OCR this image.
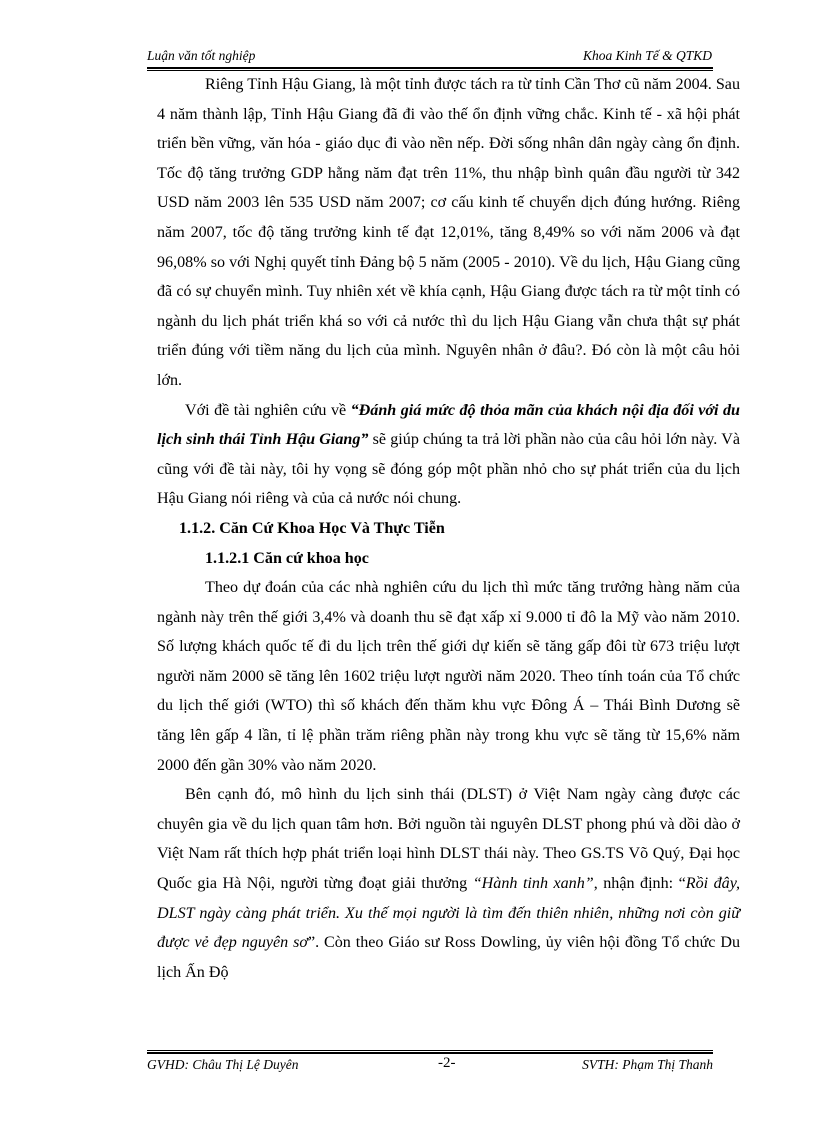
Luận văn tốt nghiệp	Khoa Kinh Tế & QTKD

Riêng Tỉnh Hậu Giang, là một tỉnh được tách ra từ tỉnh Cần Thơ cũ năm 2004. Sau 4 năm thành lập, Tỉnh Hậu Giang đã đi vào thế ổn định vững chắc. Kinh tế - xã hội phát triển bền vững, văn hóa - giáo dục đi vào nền nếp. Đời sống nhân dân ngày càng ổn định. Tốc độ tăng trưởng GDP hằng năm đạt trên 11%, thu nhập bình quân đầu người từ 342 USD năm 2003 lên 535 USD năm 2007; cơ cấu kinh tế chuyển dịch đúng hướng. Riêng năm 2007, tốc độ tăng trưởng kinh tế đạt 12,01%, tăng 8,49% so với năm 2006 và đạt 96,08% so với Nghị quyết tỉnh Đảng bộ 5 năm (2005 - 2010). Về du lịch, Hậu Giang cũng đã có sự chuyển mình. Tuy nhiên xét về khía cạnh, Hậu Giang được tách ra từ một tỉnh có ngành du lịch phát triển khá so với cả nước thì du lịch Hậu Giang vẫn chưa thật sự phát triển đúng với tiềm năng du lịch của mình. Nguyên nhân ở đâu?. Đó còn là một câu hỏi lớn.

Với đề tài nghiên cứu về “Đánh giá mức độ thỏa mãn của khách nội địa đối với du lịch sinh thái Tỉnh Hậu Giang” sẽ giúp chúng ta trả lời phần nào của câu hỏi lớn này. Và cũng với đề tài này, tôi hy vọng sẽ đóng góp một phần nhỏ cho sự phát triển của du lịch Hậu Giang nói riêng và của cả nước nói chung.

1.1.2. Căn Cứ Khoa Học Và Thực Tiễn

1.1.2.1 Căn cứ khoa học

Theo dự đoán của các nhà nghiên cứu du lịch thì mức tăng trưởng hàng năm của ngành này trên thế giới 3,4% và doanh thu sẽ đạt xấp xỉ 9.000 tỉ đô la Mỹ vào năm 2010. Số lượng khách quốc tế đi du lịch trên thế giới dự kiến sẽ tăng gấp đôi từ 673 triệu lượt người năm 2000 sẽ tăng lên 1602 triệu lượt người năm 2020. Theo tính toán của Tổ chức du lịch thế giới (WTO) thì số khách đến thăm khu vực Đông Á – Thái Bình Dương sẽ tăng lên gấp 4 lần, tỉ lệ phần trăm riêng phần này trong khu vực sẽ tăng từ 15,6% năm 2000 đến gần 30% vào năm 2020.

Bên cạnh đó, mô hình du lịch sinh thái (DLST) ở Việt Nam ngày càng được các chuyên gia về du lịch quan tâm hơn. Bởi nguồn tài nguyên DLST phong phú và dồi dào ở Việt Nam rất thích hợp phát triển loại hình DLST thái này. Theo GS.TS Võ Quý, Đại học Quốc gia Hà Nội, người từng đoạt giải thưởng “Hành tinh xanh”, nhận định: “Rồi đây, DLST ngày càng phát triển. Xu thế mọi người là tìm đến thiên nhiên, những nơi còn giữ được vẻ đẹp nguyên sơ”. Còn theo Giáo sư Ross Dowling, ủy viên hội đồng Tổ chức Du lịch Ấn Độ

GVHD: Châu Thị Lệ Duyên	-2-	SVTH: Phạm Thị Thanh
